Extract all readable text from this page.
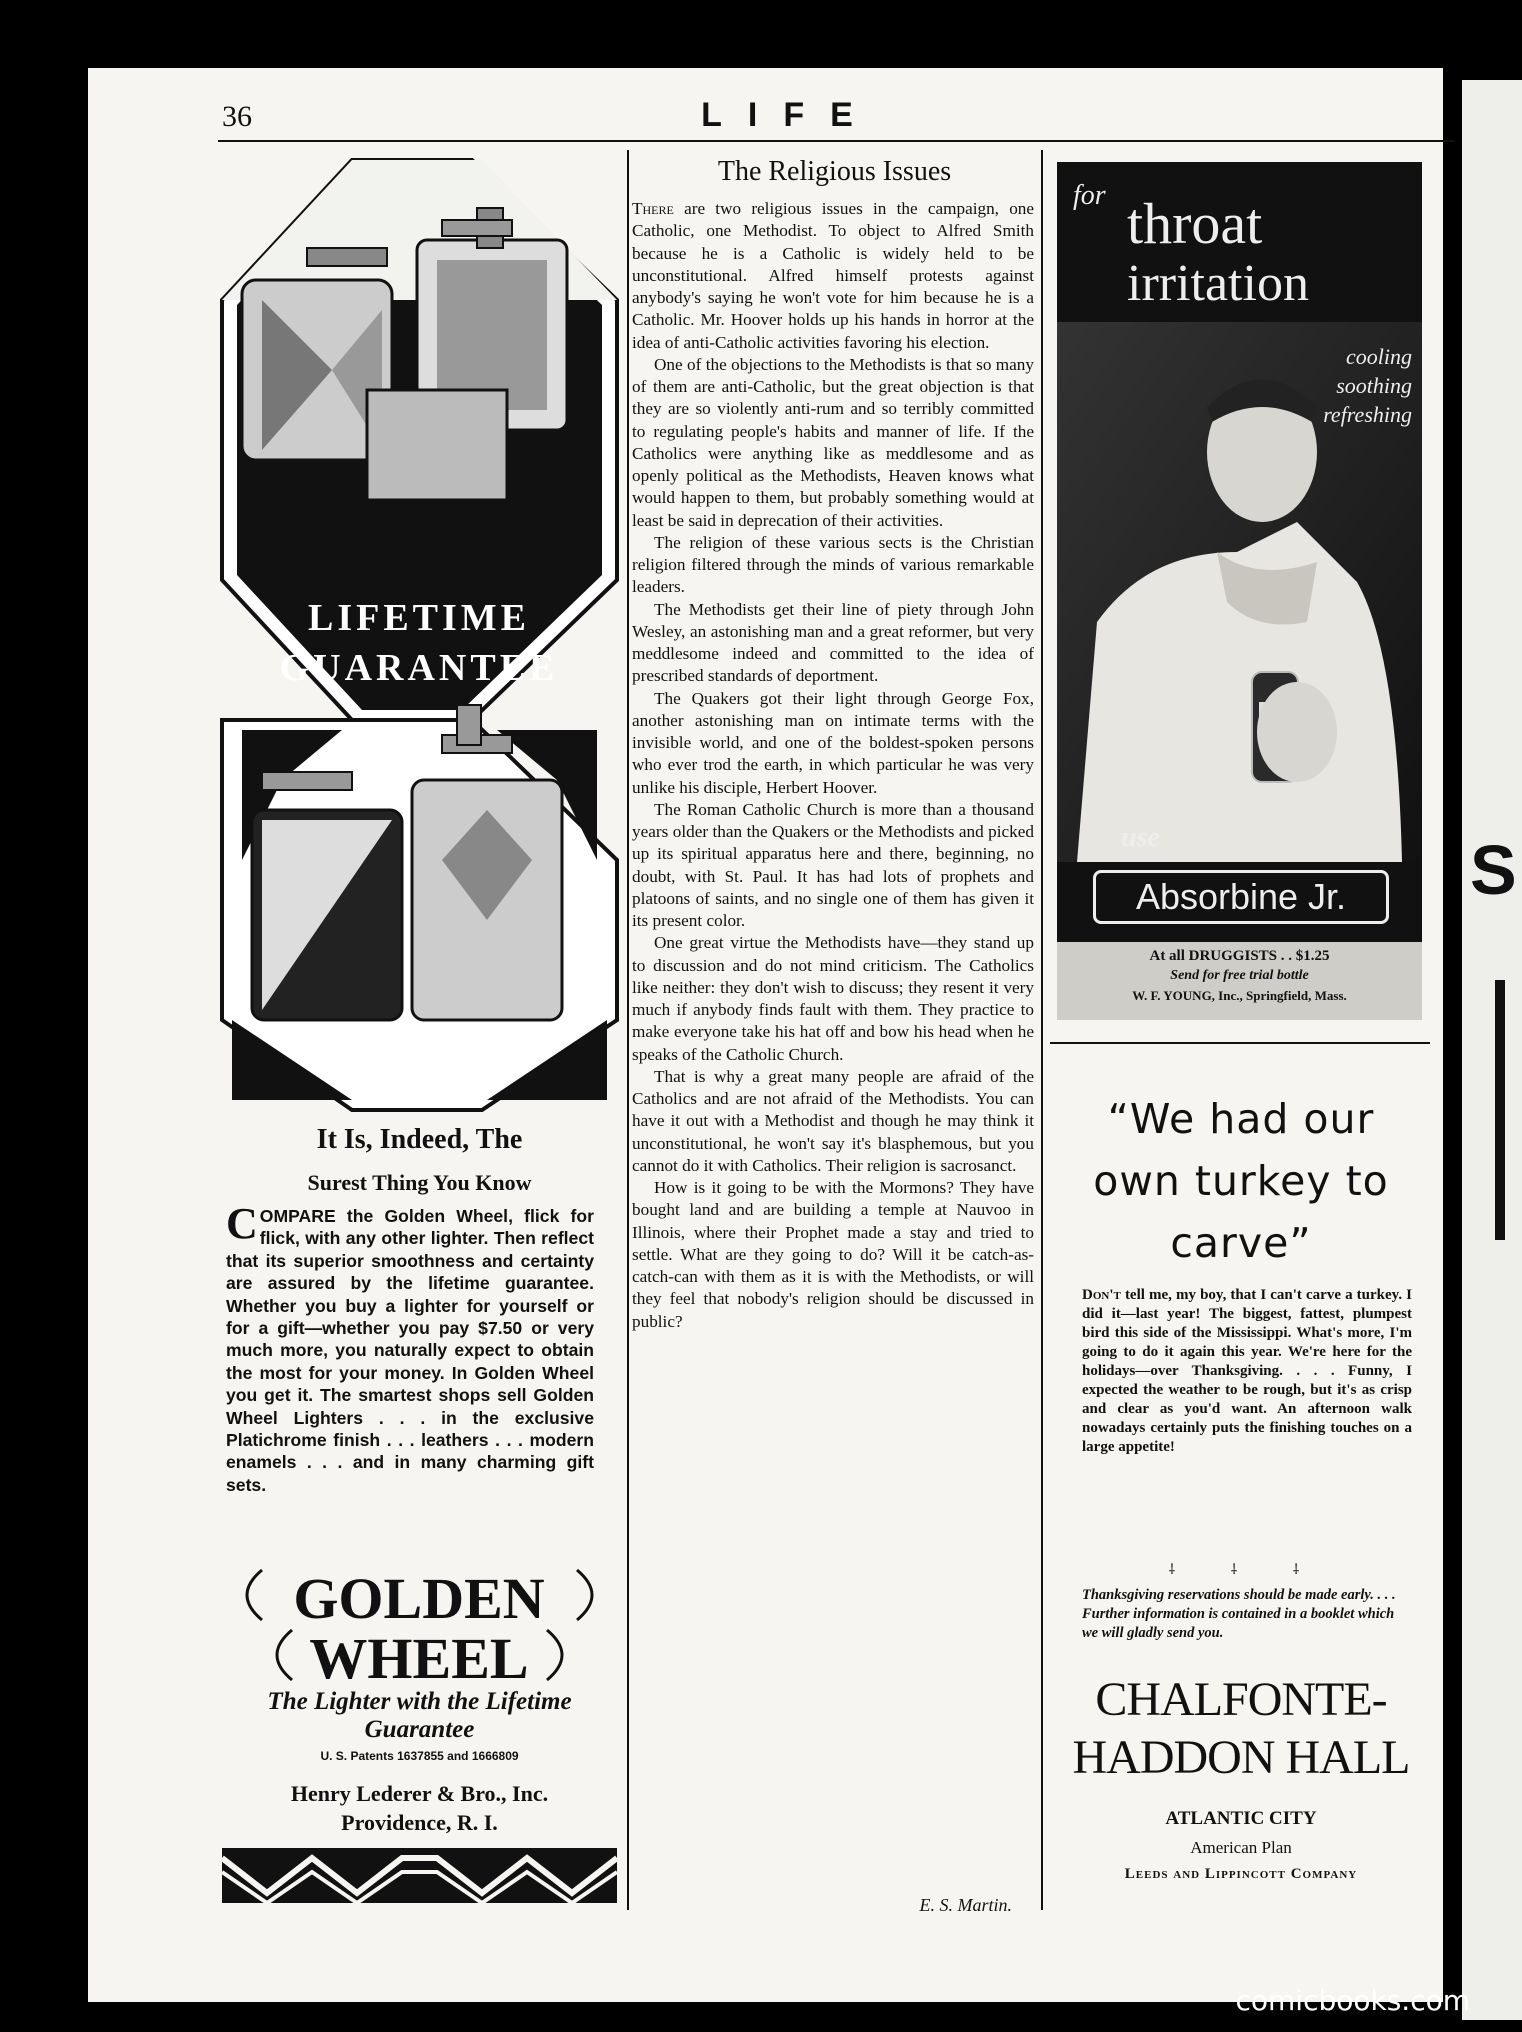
S
36	LIFE
LIFETIME
GUARANTEE
It Is, Indeed, The
Surest Thing You Know
COMPARE the Golden Wheel, flick for flick, with any other lighter. Then reflect that its superior smoothness and certainty are assured by the lifetime guarantee. Whether you buy a lighter for yourself or for a gift—whether you pay $7.50 or very much more, you naturally expect to obtain the most for your money. In Golden Wheel you get it. The smartest shops sell Golden Wheel Lighters . . . in the exclusive Platichrome finish . . . leathers . . . modern enamels . . . and in many charming gift sets.
GOLDEN
WHEEL
The Lighter with the Lifetime Guarantee
U. S. Patents 1637855 and 1666809
Henry Lederer & Bro., Inc.
Providence, R. I.
The Religious Issues

There are two religious issues in the campaign, one Catholic, one Methodist. To object to Alfred Smith because he is a Catholic is widely held to be unconstitutional. Alfred himself protests against anybody's saying he won't vote for him because he is a Catholic. Mr. Hoover holds up his hands in horror at the idea of anti-Catholic activities favoring his election.

One of the objections to the Methodists is that so many of them are anti-Catholic, but the great objection is that they are so violently anti-rum and so terribly committed to regulating people's habits and manner of life. If the Catholics were anything like as meddlesome and as openly political as the Methodists, Heaven knows what would happen to them, but probably something would at least be said in deprecation of their activities.

The religion of these various sects is the Christian religion filtered through the minds of various remarkable leaders.

The Methodists get their line of piety through John Wesley, an astonishing man and a great reformer, but very meddlesome indeed and committed to the idea of prescribed standards of deportment.

The Quakers got their light through George Fox, another astonishing man on intimate terms with the invisible world, and one of the boldest-spoken persons who ever trod the earth, in which particular he was very unlike his disciple, Herbert Hoover.

The Roman Catholic Church is more than a thousand years older than the Quakers or the Methodists and picked up its spiritual apparatus here and there, beginning, no doubt, with St. Paul. It has had lots of prophets and platoons of saints, and no single one of them has given it its present color.

One great virtue the Methodists have—they stand up to discussion and do not mind criticism. The Catholics like neither: they don't wish to discuss; they resent it very much if anybody finds fault with them. They practice to make everyone take his hat off and bow his head when he speaks of the Catholic Church.

That is why a great many people are afraid of the Catholics and are not afraid of the Methodists. You can have it out with a Methodist and though he may think it unconstitutional, he won't say it's blasphemous, but you cannot do it with Catholics. Their religion is sacrosanct.

How is it going to be with the Mormons? They have bought land and are building a temple at Nauvoo in Illinois, where their Prophet made a stay and tried to settle. What are they going to do? Will it be catch-as-catch-can with them as it is with the Methodists, or will they feel that nobody's religion should be discussed in public?

E. S. Martin.
for throat
irritation
cooling
soothing
refreshing
use
Absorbine Jr.
At all DRUGGISTS . . $1.25
Send for free trial bottle
W. F. YOUNG, Inc., Springfield, Mass.
“We had our own turkey to carve”
Don't tell me, my boy, that I can't carve a turkey. I did it—last year! The biggest, fattest, plumpest bird this side of the Mississippi. What's more, I'm going to do it again this year. We're here for the holidays—over Thanksgiving. . . . Funny, I expected the weather to be rough, but it's as crisp and clear as you'd want. An afternoon walk nowadays certainly puts the finishing touches on a large appetite!
⸸ ⸸ ⸸
Thanksgiving reservations should be made early. . . . Further information is contained in a booklet which we will gladly send you.
CHALFONTE-
HADDON HALL
ATLANTIC CITY
American Plan
Leeds and Lippincott Company
comicbooks.com
